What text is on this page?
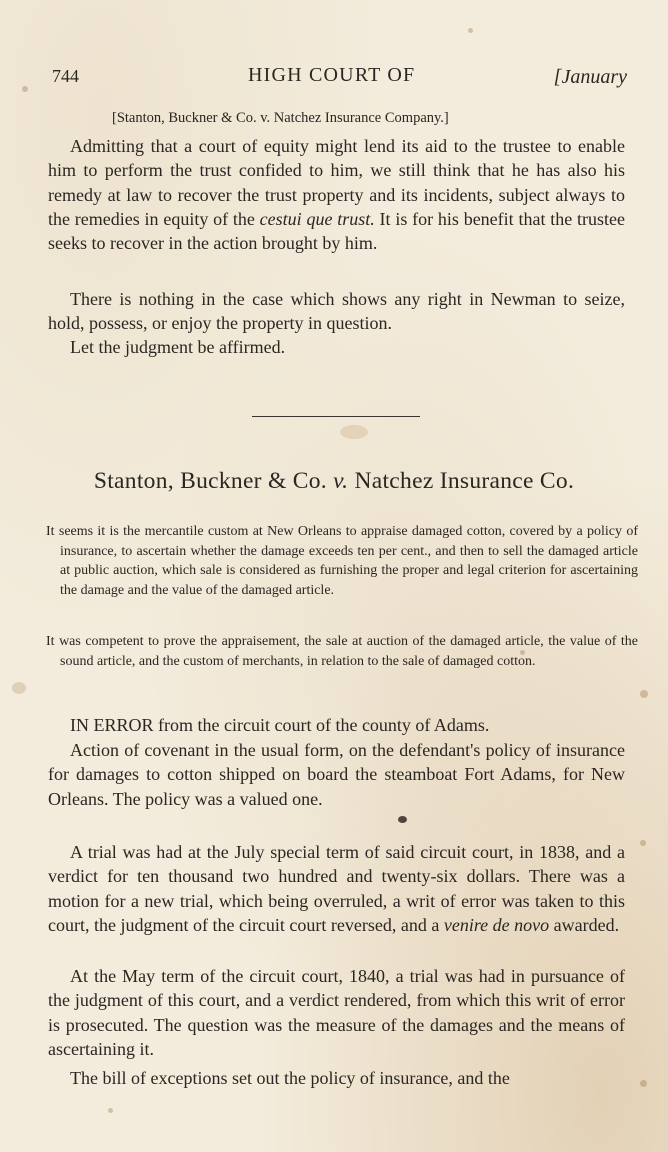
744	HIGH COURT OF	[January
[Stanton, Buckner & Co. v. Natchez Insurance Company.]

Admitting that a court of equity might lend its aid to the trustee to enable him to perform the trust confided to him, we still think that he has also his remedy at law to recover the trust property and its incidents, subject always to the remedies in equity of the cestui que trust. It is for his benefit that the trustee seeks to recover in the action brought by him.

There is nothing in the case which shows any right in Newman to seize, hold, possess, or enjoy the property in question.

Let the judgment be affirmed.

Stanton, Buckner & Co. v. Natchez Insurance Co.

It seems it is the mercantile custom at New Orleans to appraise damaged cotton, covered by a policy of insurance, to ascertain whether the damage exceeds ten per cent., and then to sell the damaged article at public auction, which sale is considered as furnishing the proper and legal criterion for ascertaining the damage and the value of the damaged article.

It was competent to prove the appraisement, the sale at auction of the damaged article, the value of the sound article, and the custom of merchants, in relation to the sale of damaged cotton.

IN ERROR from the circuit court of the county of Adams.

Action of covenant in the usual form, on the defendant's policy of insurance for damages to cotton shipped on board the steamboat Fort Adams, for New Orleans. The policy was a valued one.

A trial was had at the July special term of said circuit court, in 1838, and a verdict for ten thousand two hundred and twenty-six dollars. There was a motion for a new trial, which being overruled, a writ of error was taken to this court, the judgment of the circuit court reversed, and a venire de novo awarded.

At the May term of the circuit court, 1840, a trial was had in pursuance of the judgment of this court, and a verdict rendered, from which this writ of error is prosecuted. The question was the measure of the damages and the means of ascertaining it.

The bill of exceptions set out the policy of insurance, and the
